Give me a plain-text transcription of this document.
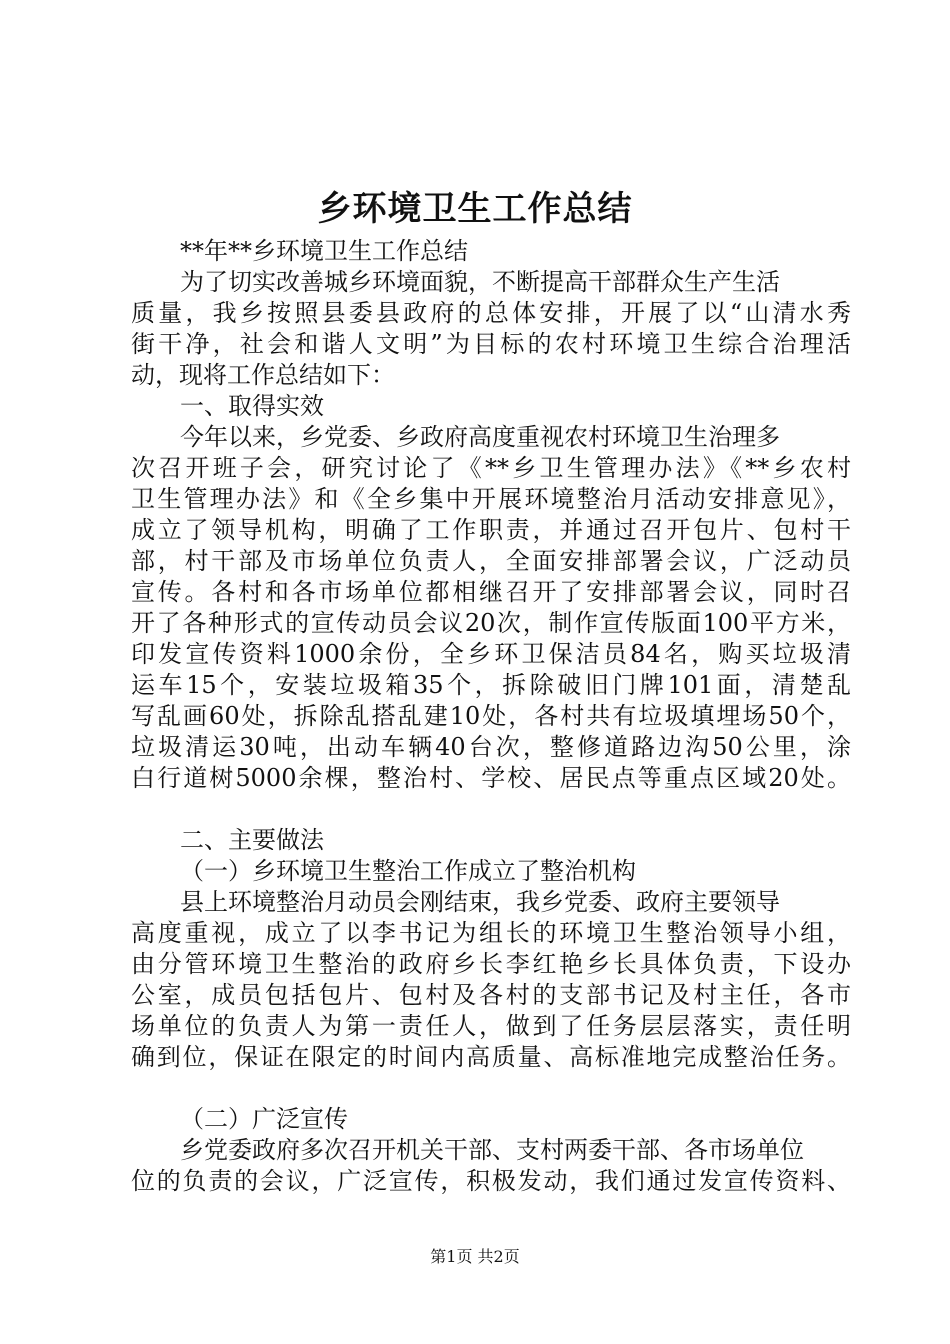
乡环境卫生工作总结
**年**乡环境卫生工作总结
为了切实改善城乡环境面貌，不断提高干部群众生产生活
质量，我乡按照县委县政府的总体安排，开展了以“山清水秀
街干净，社会和谐人文明”为目标的农村环境卫生综合治理活
动，现将工作总结如下：
一、取得实效
今年以来，乡党委、乡政府高度重视农村环境卫生治理多
次召开班子会，研究讨论了《**乡卫生管理办法》《**乡农村
卫生管理办法》和《全乡集中开展环境整治月活动安排意见》，
成立了领导机构，明确了工作职责，并通过召开包片、包村干
部，村干部及市场单位负责人，全面安排部署会议，广泛动员
宣传。各村和各市场单位都相继召开了安排部署会议，同时召
开了各种形式的宣传动员会议20次，制作宣传版面100平方米，
印发宣传资料1000余份，全乡环卫保洁员84名，购买垃圾清
运车15个，安装垃圾箱35个，拆除破旧门牌101面，清楚乱
写乱画60处，拆除乱搭乱建10处，各村共有垃圾填埋场50个，
垃圾清运30吨，出动车辆40台次，整修道路边沟50公里，涂
白行道树5000余棵，整治村、学校、居民点等重点区域20处。
二、主要做法
（一）乡环境卫生整治工作成立了整治机构
县上环境整治月动员会刚结束，我乡党委、政府主要领导
高度重视，成立了以李书记为组长的环境卫生整治领导小组，
由分管环境卫生整治的政府乡长李红艳乡长具体负责，下设办
公室，成员包括包片、包村及各村的支部书记及村主任，各市
场单位的负责人为第一责任人，做到了任务层层落实，责任明
确到位，保证在限定的时间内高质量、高标准地完成整治任务。
（二）广泛宣传
乡党委政府多次召开机关干部、支村两委干部、各市场单位
位的负责的会议，广泛宣传，积极发动，我们通过发宣传资料、
第1页 共2页
